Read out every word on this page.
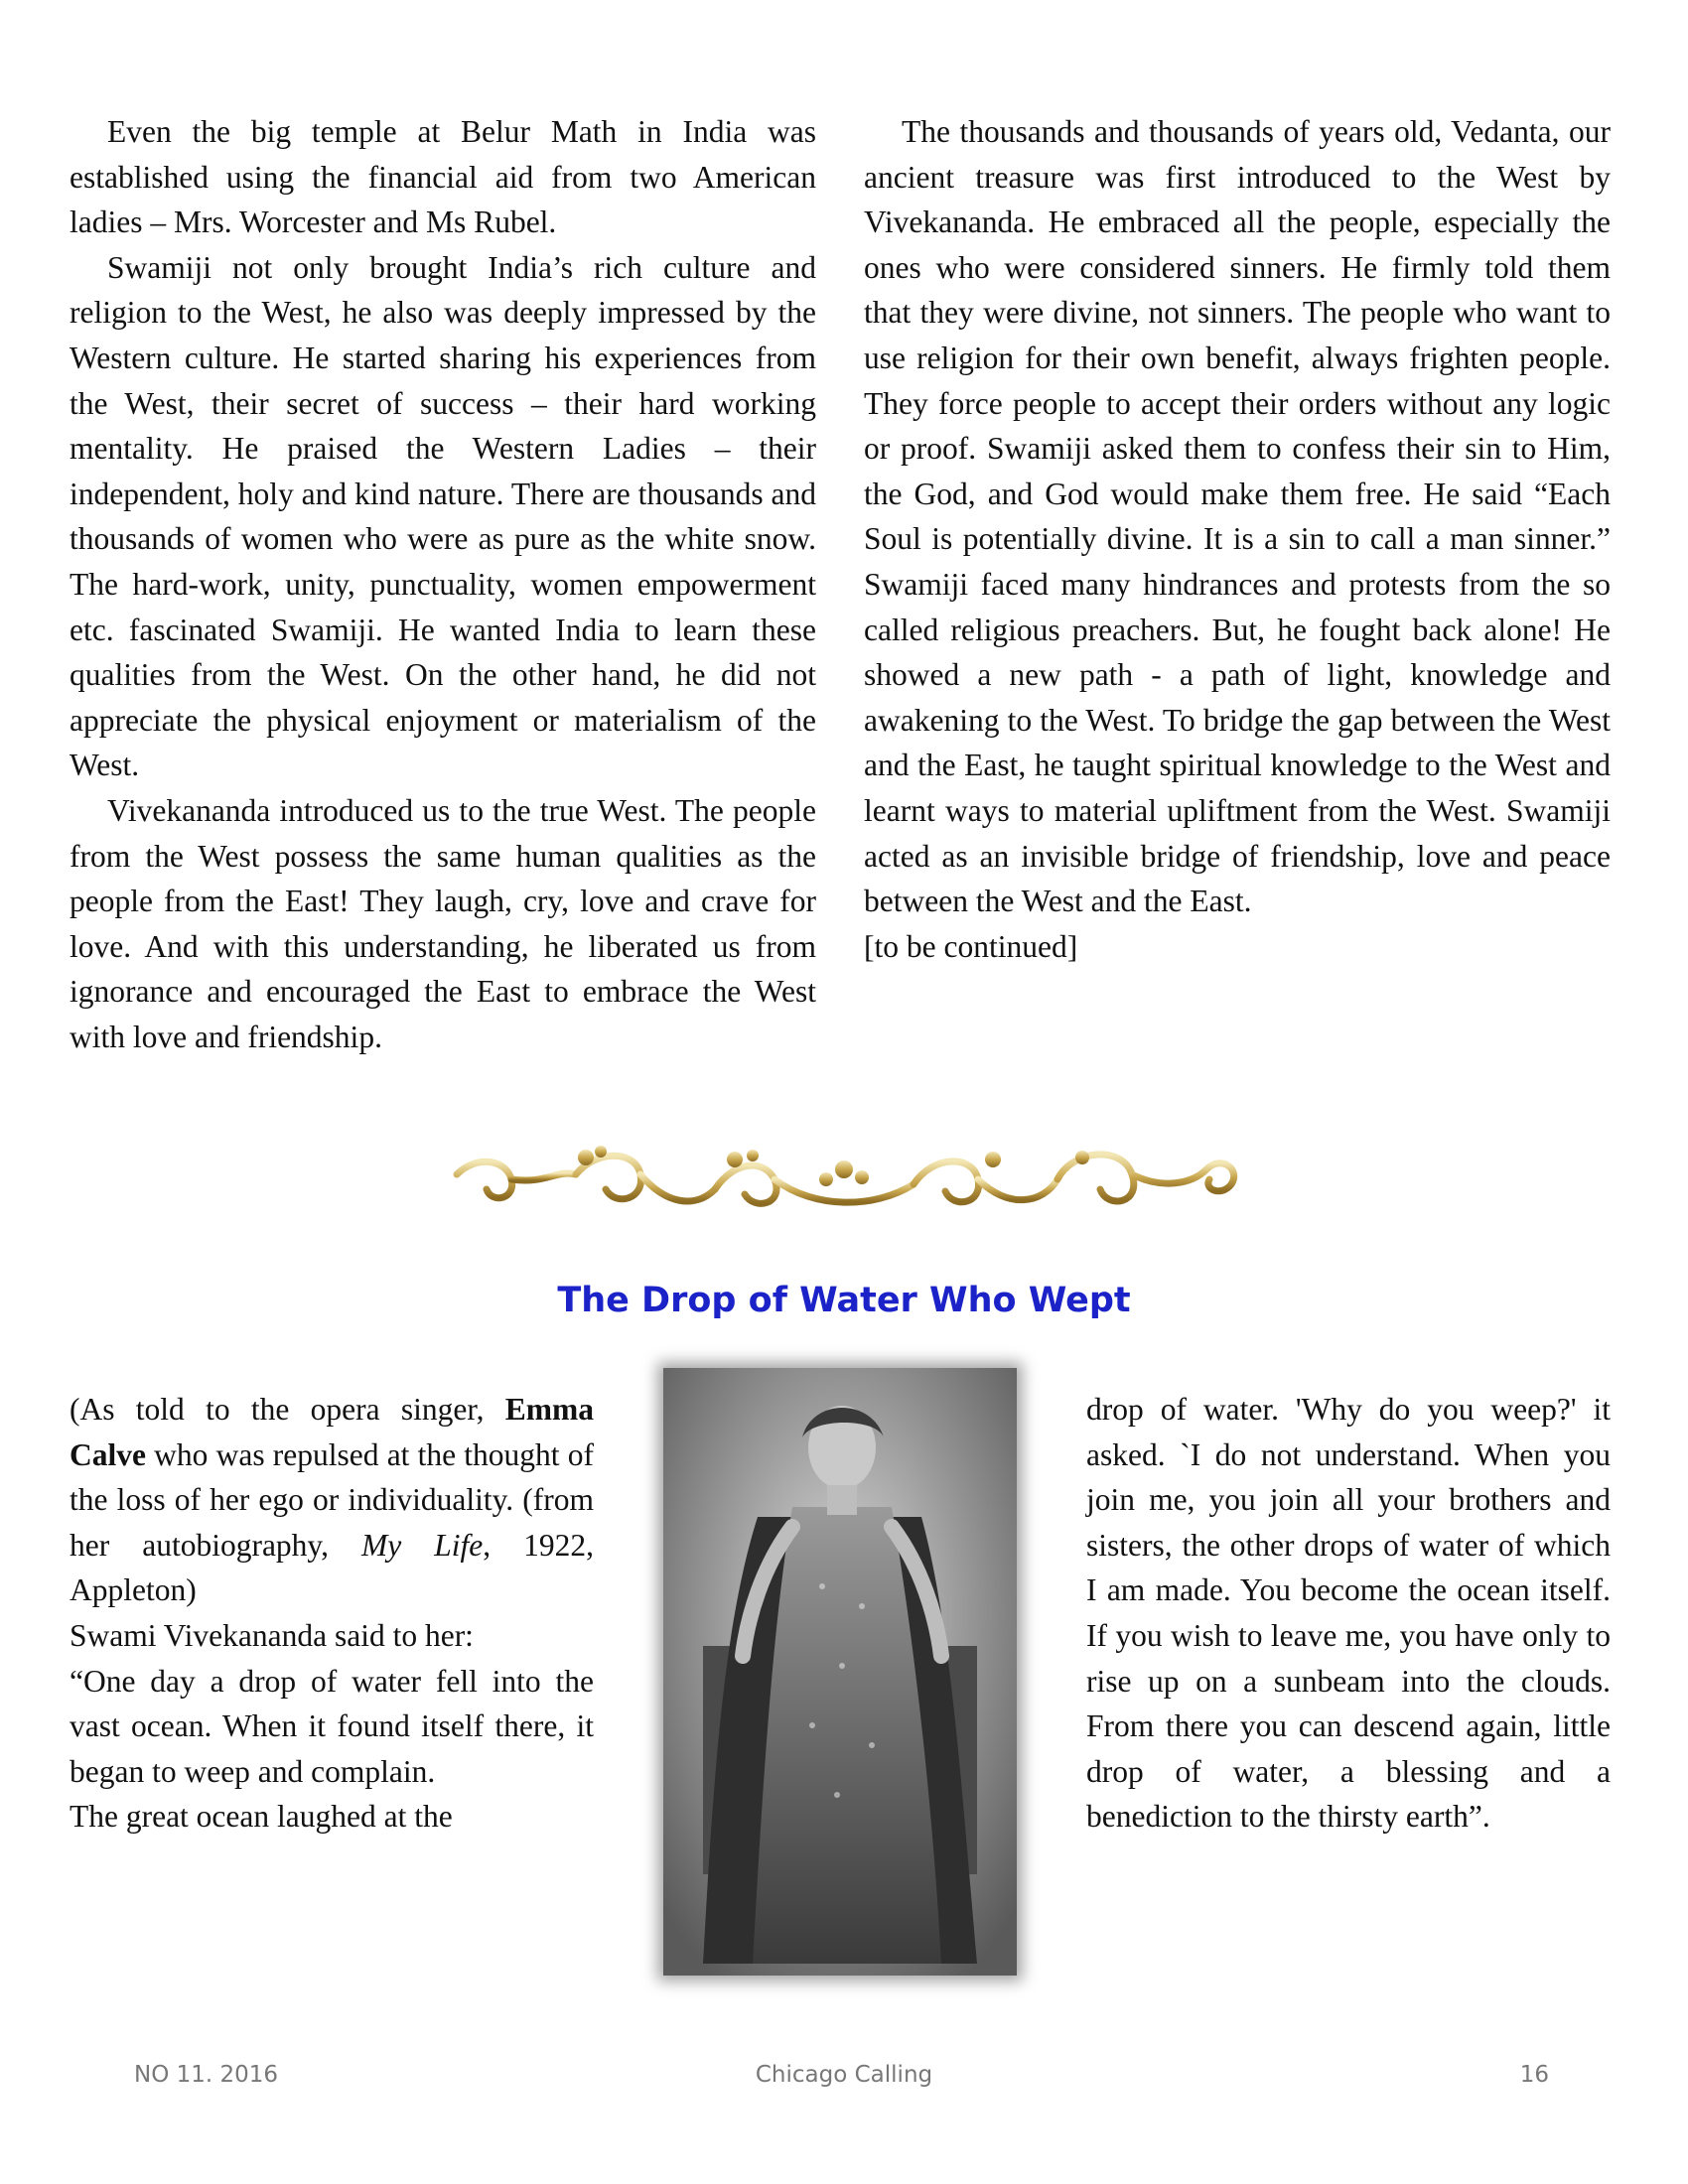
Even the big temple at Belur Math in India was established using the financial aid from two American ladies – Mrs. Worcester and Ms Rubel.

Swamiji not only brought India’s rich culture and religion to the West, he also was deeply impressed by the Western culture. He started sharing his experiences from the West, their secret of success – their hard working mentality. He praised the Western Ladies – their independent, holy and kind nature. There are thousands and thousands of women who were as pure as the white snow. The hard-work, unity, punctuality, women empowerment etc. fascinated Swamiji. He wanted India to learn these qualities from the West. On the other hand, he did not appreciate the physical enjoyment or materialism of the West.

Vivekananda introduced us to the true West. The people from the West possess the same human qualities as the people from the East! They laugh, cry, love and crave for love. And with this understanding, he liberated us from ignorance and encouraged the East to embrace the West with love and friendship.

The thousands and thousands of years old, Vedanta, our ancient treasure was first introduced to the West by Vivekananda. He embraced all the people, especially the ones who were considered sinners. He firmly told them that they were divine, not sinners. The people who want to use religion for their own benefit, always frighten people. They force people to accept their orders without any logic or proof. Swamiji asked them to confess their sin to Him, the God, and God would make them free. He said “Each Soul is potentially divine. It is a sin to call a man sinner.” Swamiji faced many hindrances and protests from the so called religious preachers. But, he fought back alone! He showed a new path - a path of light, knowledge and awakening to the West. To bridge the gap between the West and the East, he taught spiritual knowledge to the West and learnt ways to material upliftment from the West. Swamiji acted as an invisible bridge of friendship, love and peace between the West and the East.

[to be continued]

The Drop of Water Who Wept

(As told to the opera singer, Emma Calve who was repulsed at the thought of the loss of her ego or individuality. (from her autobiography, My Life, 1922, Appleton)

Swami Vivekananda said to her:

“One day a drop of water fell into the vast ocean. When it found itself there, it began to weep and complain.

The great ocean laughed at the

drop of water. 'Why do you weep?' it asked. `I do not understand. When you join me, you join all your brothers and sisters, the other drops of water of which I am made. You become the ocean itself. If you wish to leave me, you have only to rise up on a sunbeam into the clouds. From there you can descend again, little drop of water, a blessing and a benediction to the thirsty earth”.

NO 11. 2016	Chicago Calling	16
